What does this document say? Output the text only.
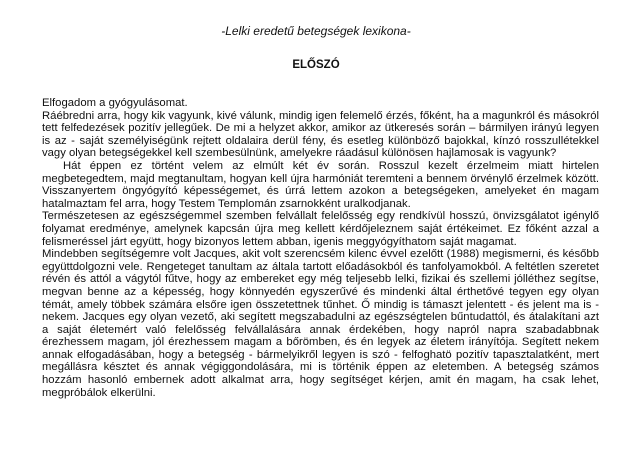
-Lelki eredetű betegségek lexikona-
ELŐSZÓ

Elfogadom a gyógyulásomat.

Ráébredni arra, hogy kik vagyunk, kivé válunk, mindig igen felemelő érzés, főként, ha a magunkról és másokról tett felfedezések pozitív jellegűek. De mi a helyzet akkor, amikor az ütkeresés során – bármilyen irányú legyen is az - saját személyiségünk rejtett oldalaira derül fény, és esetleg különböző bajokkal, kínzó rosszullétekkel vagy olyan betegségekkel kell szembesülnünk, amelyekre ráadásul különösen hajlamosak is vagyunk?

Hát éppen ez történt velem az elmúlt két év során. Rosszul kezelt érzelmeim miatt hirtelen megbetegedtem, majd megtanultam, hogyan kell újra harmóniát teremteni a bennem örvénylő érzelmek között. Visszanyertem öngyógyító képességemet, és úrrá lettem azokon a betegségeken, amelyeket én magam hatalmaztam fel arra, hogy Testem Templomán zsarnokként uralkodjanak.

Természetesen az egészségemmel szemben felvállalt felelősség egy rendkívül hosszú, önvizsgálatot igénylő folyamat eredménye, amelynek kapcsán újra meg kellett kérdőjeleznem saját értékeimet. Ez főként azzal a felismeréssel járt együtt, hogy bizonyos lettem abban, igenis meggyógyíthatom saját magamat.

Mindebben segítségemre volt Jacques, akit volt szerencsém kilenc évvel ezelőtt (1988) megismerni, és később együttdolgozni vele. Rengeteget tanultam az általa tartott előadásokból és tanfolyamokból. A feltétlen szeretet révén és attól a vágytól fűtve, hogy az embereket egy még teljesebb lelki, fizikai és szellemi jólléthez segítse, megvan benne az a képesség, hogy könnyedén egyszerűvé és mindenki által érthetővé tegyen egy olyan témát, amely többek számára elsőre igen összetettnek tűnhet. Ő mindig is támaszt jelentett - és jelent ma is - nekem. Jacques egy olyan vezető, aki segített megszabadulni az egészségtelen bűntudattól, és átalakítani azt a saját életemért való felelősség felvállalására annak érdekében, hogy napról napra szabadabbnak érezhessem magam, jól érezhessem magam a bőrömben, és én legyek az életem irányítója. Segített nekem annak elfogadásában, hogy a betegség - bármelyikről legyen is szó - felfoghatö pozitív tapasztalatként, mert megállásra késztet és annak végiggondolására, mi is történik éppen az eletemben. A betegség számos hozzám hasonló embernek adott alkalmat arra, hogy segítséget kérjen, amit én magam, ha csak lehet, megpróbálok elkerülni.
